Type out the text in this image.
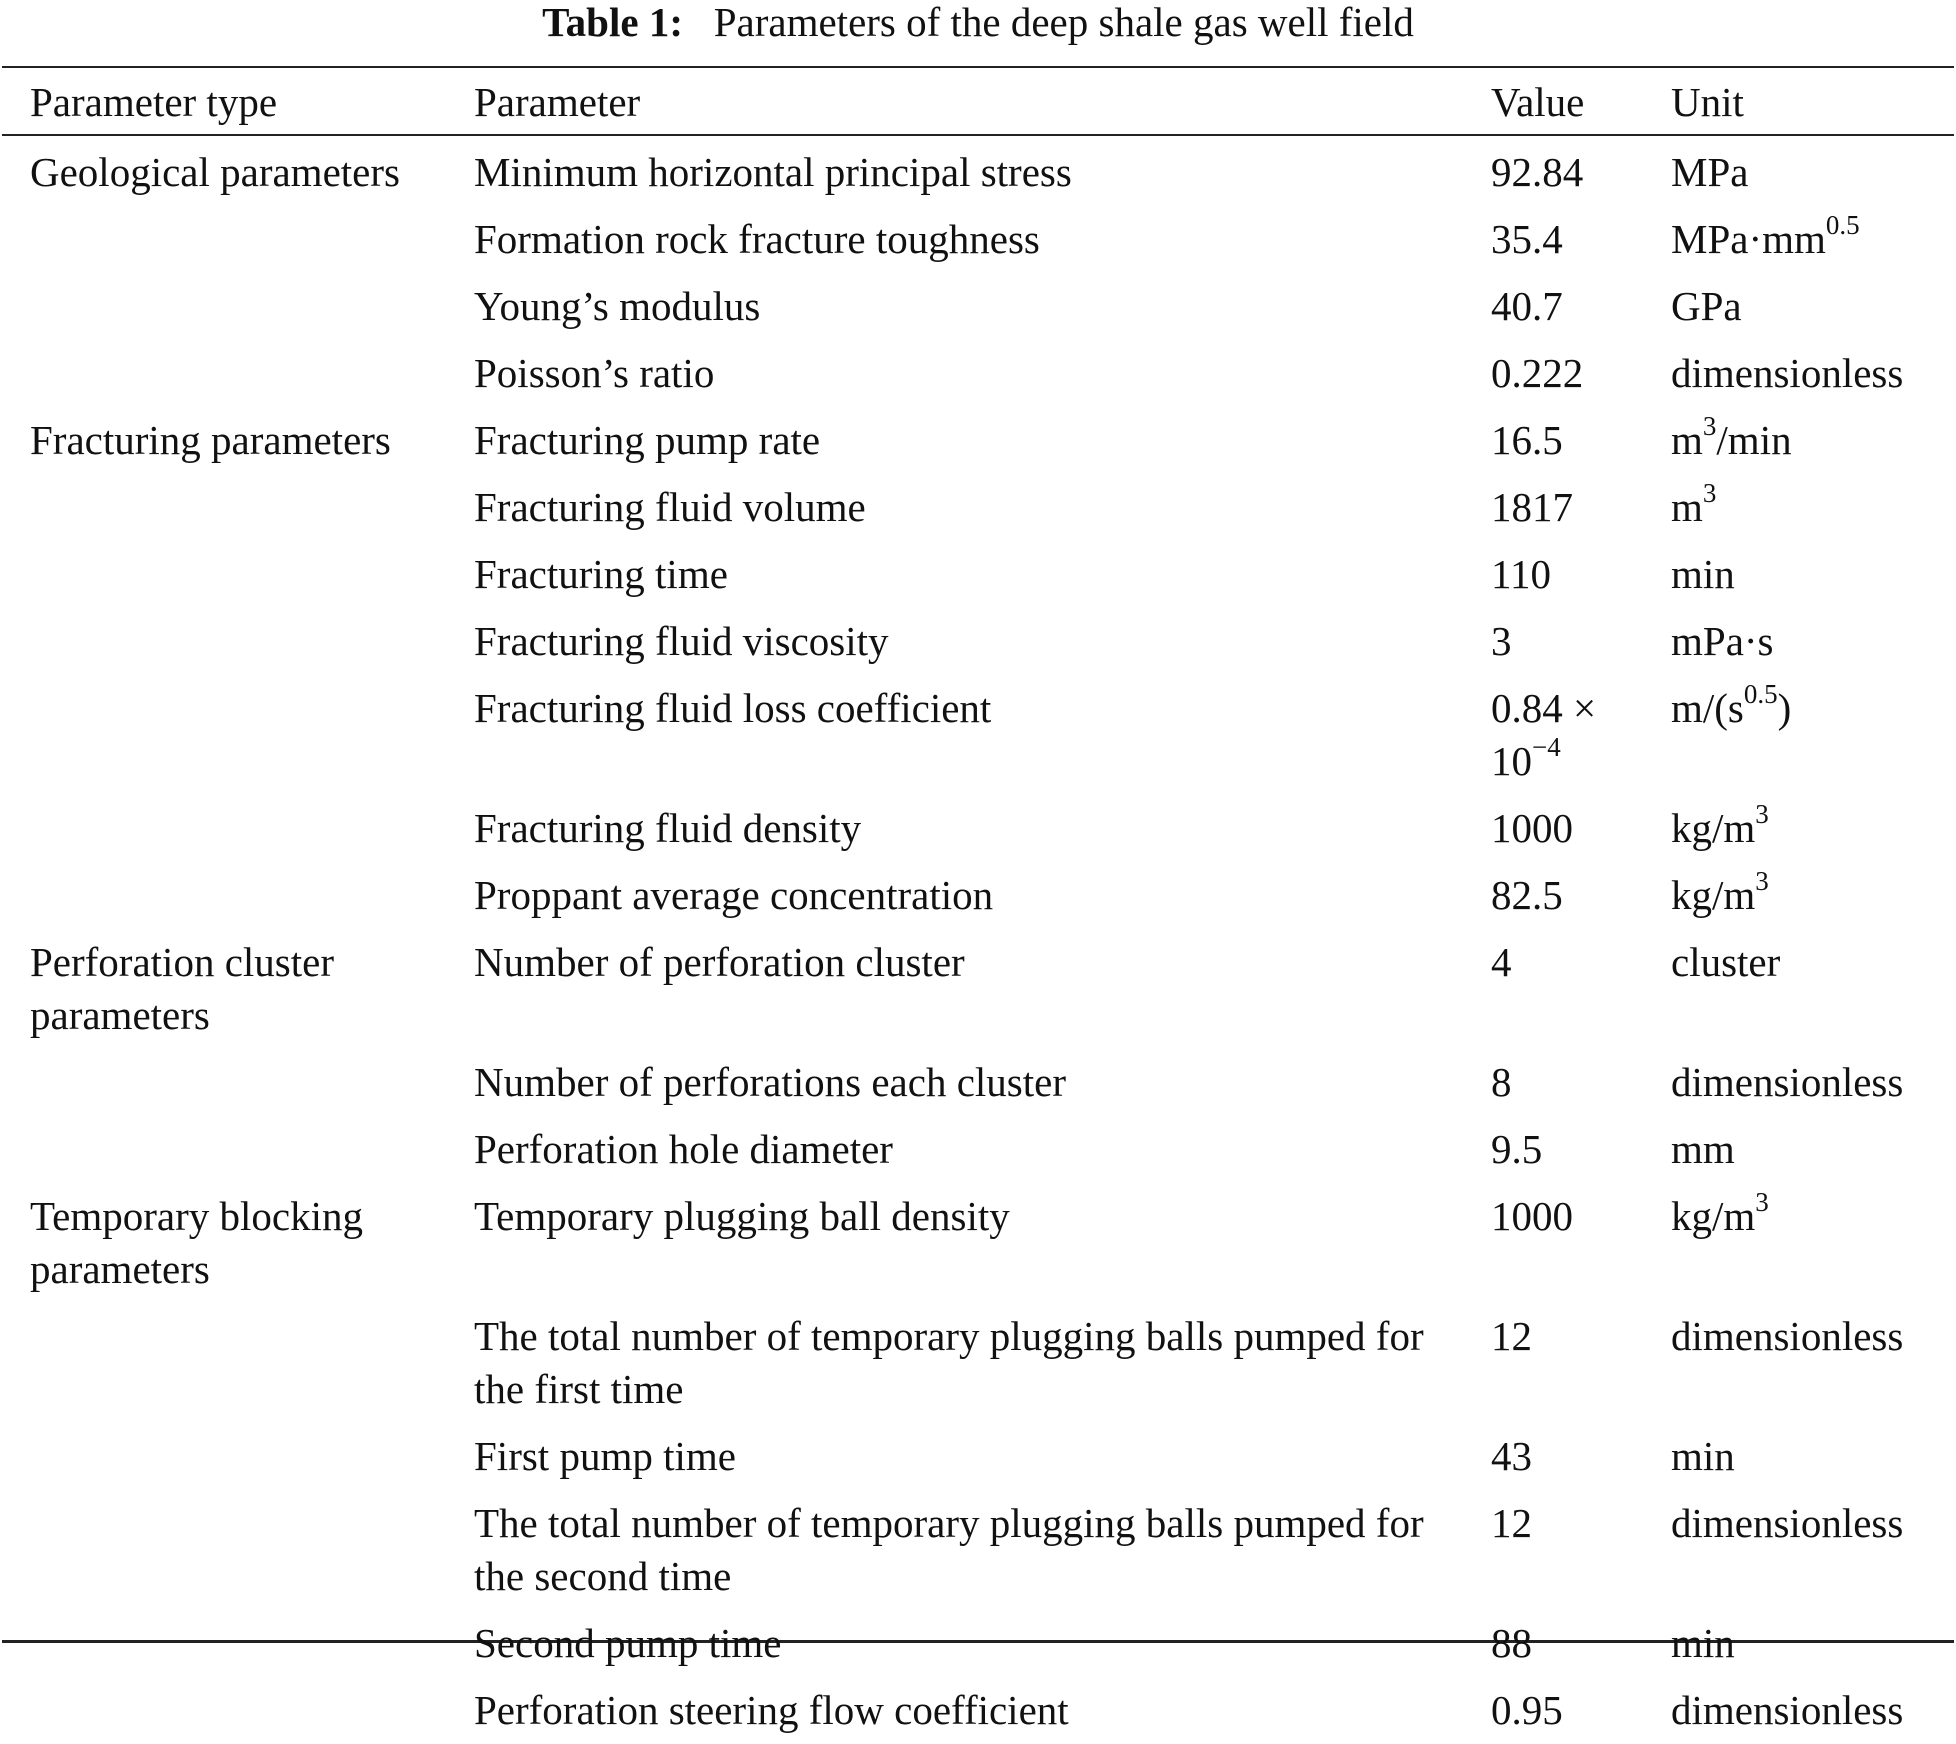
Table 1: Parameters of the deep shale gas well field
Parameter type	Parameter	Value	Unit

Geological parameters	Minimum horizontal principal stress	92.84	MPa

	Formation rock fracture toughness	35.4	$MPa\cdot mm^{0.5}$

	Young’s modulus	40.7	GPa

	Poisson’s ratio	0.222	dimensionless

Fracturing parameters	Fracturing pump rate	16.5	$m^3/\min$

	Fracturing fluid volume	1817	$m^3$

	Fracturing time	110	min

	Fracturing fluid viscosity	3	mPa·s

	Fracturing fluid loss coefficient	$0.84 \times 10^{-4}$	$m/(s^{0.5})$

	Fracturing fluid density	1000	$kg/m^3$

	Proppant average concentration	82.5	$kg/m^3$

Perforation cluster parameters	Number of perforation cluster	4	cluster

	Number of perforations each cluster	8	dimensionless

	Perforation hole diameter	9.5	mm

Temporary blocking parameters	Temporary plugging ball density	1000	$kg/m^3$

	The total number of temporary plugging balls pumped for the first time	12	dimensionless

	First pump time	43	min

	The total number of temporary plugging balls pumped for the second time	12	dimensionless

	Second pump time	88	min

	Perforation steering flow coefficient	0.95	dimensionless
